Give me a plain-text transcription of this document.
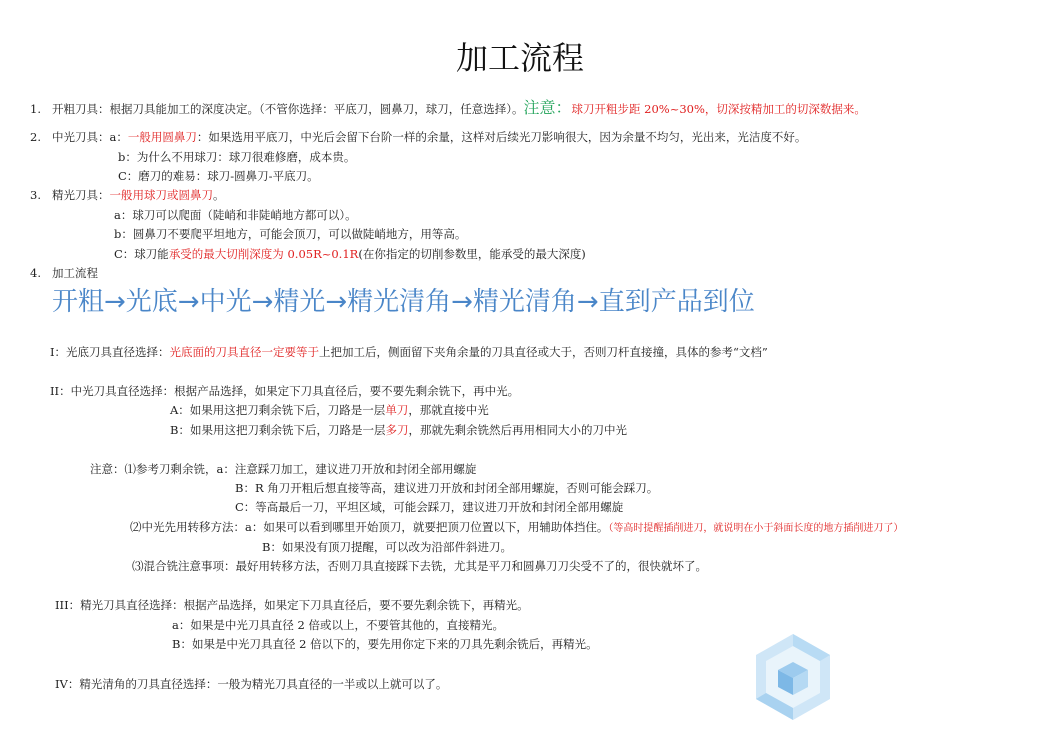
加工流程
1. 开粗刀具：根据刀具能加工的深度决定。（不管你选择：平底刀，圆鼻刀，球刀，任意选择）。注意：球刀开粗步距 20%~30%，切深按精加工的切深数据来。
2. 中光刀具：a：一般用圆鼻刀：如果选用平底刀，中光后会留下台阶一样的余量，这样对后续光刀影响很大，因为余量不均匀，光出来，光洁度不好。
b：为什么不用球刀：球刀很难修磨，成本贵。
C：磨刀的难易：球刀-圆鼻刀-平底刀。
3. 精光刀具：一般用球刀或圆鼻刀。
a：球刀可以爬面（陡峭和非陡峭地方都可以）。
b：圆鼻刀不要爬平坦地方，可能会顶刀，可以做陡峭地方，用等高。
C：球刀能承受的最大切削深度为 0.05R~0.1R(在你指定的切削参数里，能承受的最大深度)
4. 加工流程
开粗→光底→中光→精光→精光清角→精光清角→直到产品到位
I：光底刀具直径选择：光底面的刀具直径一定要等于上把加工后，侧面留下夹角余量的刀具直径或大于，否则刀杆直接撞，具体的参考“文档”
II：中光刀具直径选择：根据产品选择，如果定下刀具直径后，要不要先剩余铣下，再中光。
A：如果用这把刀剩余铣下后，刀路是一层单刀，那就直接中光
B：如果用这把刀剩余铣下后，刀路是一层多刀，那就先剩余铣然后再用相同大小的刀中光
注意：⑴参考刀剩余铣，a：注意踩刀加工，建议进刀开放和封闭全部用螺旋
B：R 角刀开粗后想直接等高，建议进刀开放和封闭全部用螺旋，否则可能会踩刀。
C：等高最后一刀，平坦区域，可能会踩刀，建议进刀开放和封闭全部用螺旋
⑵中光先用转移方法：a：如果可以看到哪里开始顶刀，就要把顶刀位置以下，用辅助体挡住。（等高时提醒插削进刀，就说明在小于斜面长度的地方插削进刀了）
B：如果没有顶刀提醒，可以改为沿部件斜进刀。
⑶混合铣注意事项：最好用转移方法，否则刀具直接踩下去铣，尤其是平刀和圆鼻刀刀尖受不了的，很快就坏了。
III：精光刀具直径选择：根据产品选择，如果定下刀具直径后，要不要先剩余铣下，再精光。
a：如果是中光刀具直径 2 倍或以上，不要管其他的，直接精光。
B：如果是中光刀具直径 2 倍以下的，要先用你定下来的刀具先剩余铣后，再精光。
IV：精光清角的刀具直径选择：一般为精光刀具直径的一半或以上就可以了。
